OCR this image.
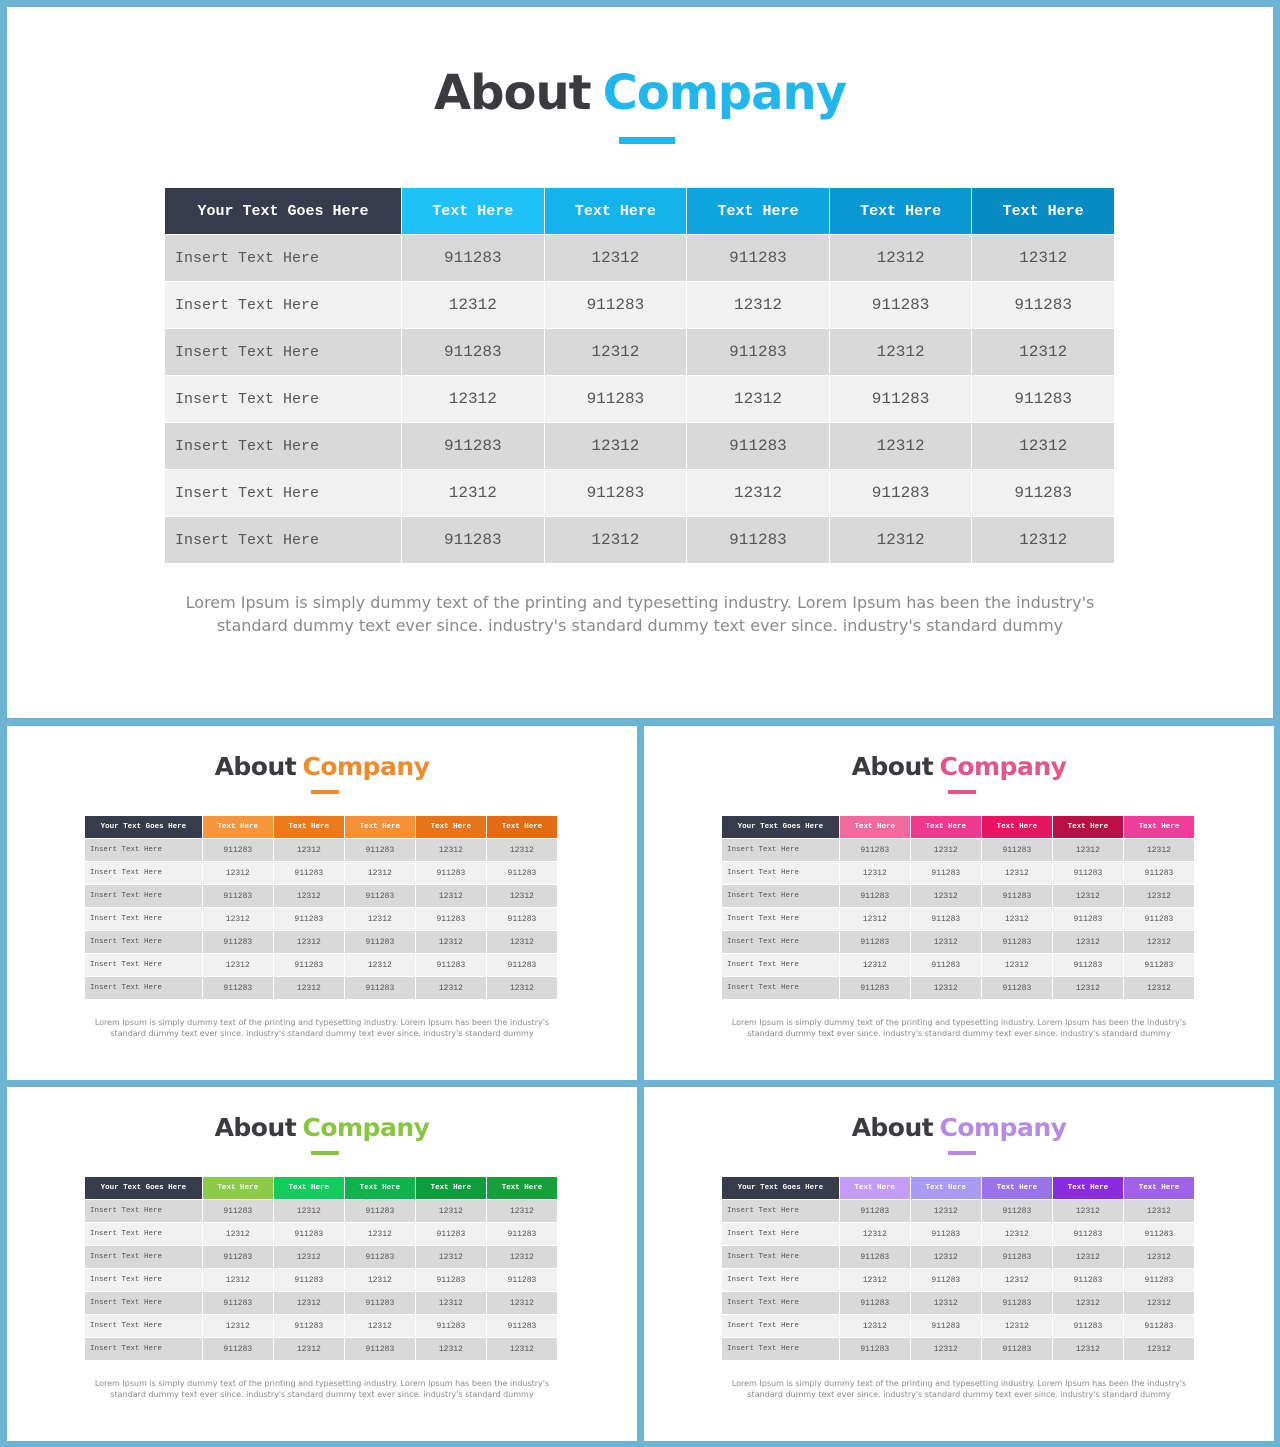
About Company
Your Text Goes Here	Text Here	Text Here	Text Here	Text Here	Text Here
Insert Text Here	911283	12312	911283	12312	12312
Insert Text Here	12312	911283	12312	911283	911283
Insert Text Here	911283	12312	911283	12312	12312
Insert Text Here	12312	911283	12312	911283	911283
Insert Text Here	911283	12312	911283	12312	12312
Insert Text Here	12312	911283	12312	911283	911283
Insert Text Here	911283	12312	911283	12312	12312
Lorem Ipsum is simply dummy text of the printing and typesetting industry. Lorem Ipsum has been the industry's standard dummy text ever since. industry's standard dummy text ever since. industry's standard dummy
About Company
Your Text Goes Here	Text Here	Text Here	Text Here	Text Here	Text Here
Insert Text Here	911283	12312	911283	12312	12312
Insert Text Here	12312	911283	12312	911283	911283
Insert Text Here	911283	12312	911283	12312	12312
Insert Text Here	12312	911283	12312	911283	911283
Insert Text Here	911283	12312	911283	12312	12312
Insert Text Here	12312	911283	12312	911283	911283
Insert Text Here	911283	12312	911283	12312	12312
Lorem Ipsum is simply dummy text of the printing and typesetting industry. Lorem Ipsum has been the industry's standard dummy text ever since. industry's standard dummy text ever since. industry's standard dummy
About Company
Your Text Goes Here	Text Here	Text Here	Text Here	Text Here	Text Here
Insert Text Here	911283	12312	911283	12312	12312
Insert Text Here	12312	911283	12312	911283	911283
Insert Text Here	911283	12312	911283	12312	12312
Insert Text Here	12312	911283	12312	911283	911283
Insert Text Here	911283	12312	911283	12312	12312
Insert Text Here	12312	911283	12312	911283	911283
Insert Text Here	911283	12312	911283	12312	12312
Lorem Ipsum is simply dummy text of the printing and typesetting industry. Lorem Ipsum has been the industry's standard dummy text ever since. industry's standard dummy text ever since. industry's standard dummy
About Company
Your Text Goes Here	Text Here	Text Here	Text Here	Text Here	Text Here
Insert Text Here	911283	12312	911283	12312	12312
Insert Text Here	12312	911283	12312	911283	911283
Insert Text Here	911283	12312	911283	12312	12312
Insert Text Here	12312	911283	12312	911283	911283
Insert Text Here	911283	12312	911283	12312	12312
Insert Text Here	12312	911283	12312	911283	911283
Insert Text Here	911283	12312	911283	12312	12312
Lorem Ipsum is simply dummy text of the printing and typesetting industry. Lorem Ipsum has been the industry's standard dummy text ever since. industry's standard dummy text ever since. industry's standard dummy
About Company
Your Text Goes Here	Text Here	Text Here	Text Here	Text Here	Text Here
Insert Text Here	911283	12312	911283	12312	12312
Insert Text Here	12312	911283	12312	911283	911283
Insert Text Here	911283	12312	911283	12312	12312
Insert Text Here	12312	911283	12312	911283	911283
Insert Text Here	911283	12312	911283	12312	12312
Insert Text Here	12312	911283	12312	911283	911283
Insert Text Here	911283	12312	911283	12312	12312
Lorem Ipsum is simply dummy text of the printing and typesetting industry. Lorem Ipsum has been the industry's standard dummy text ever since. industry's standard dummy text ever since. industry's standard dummy
